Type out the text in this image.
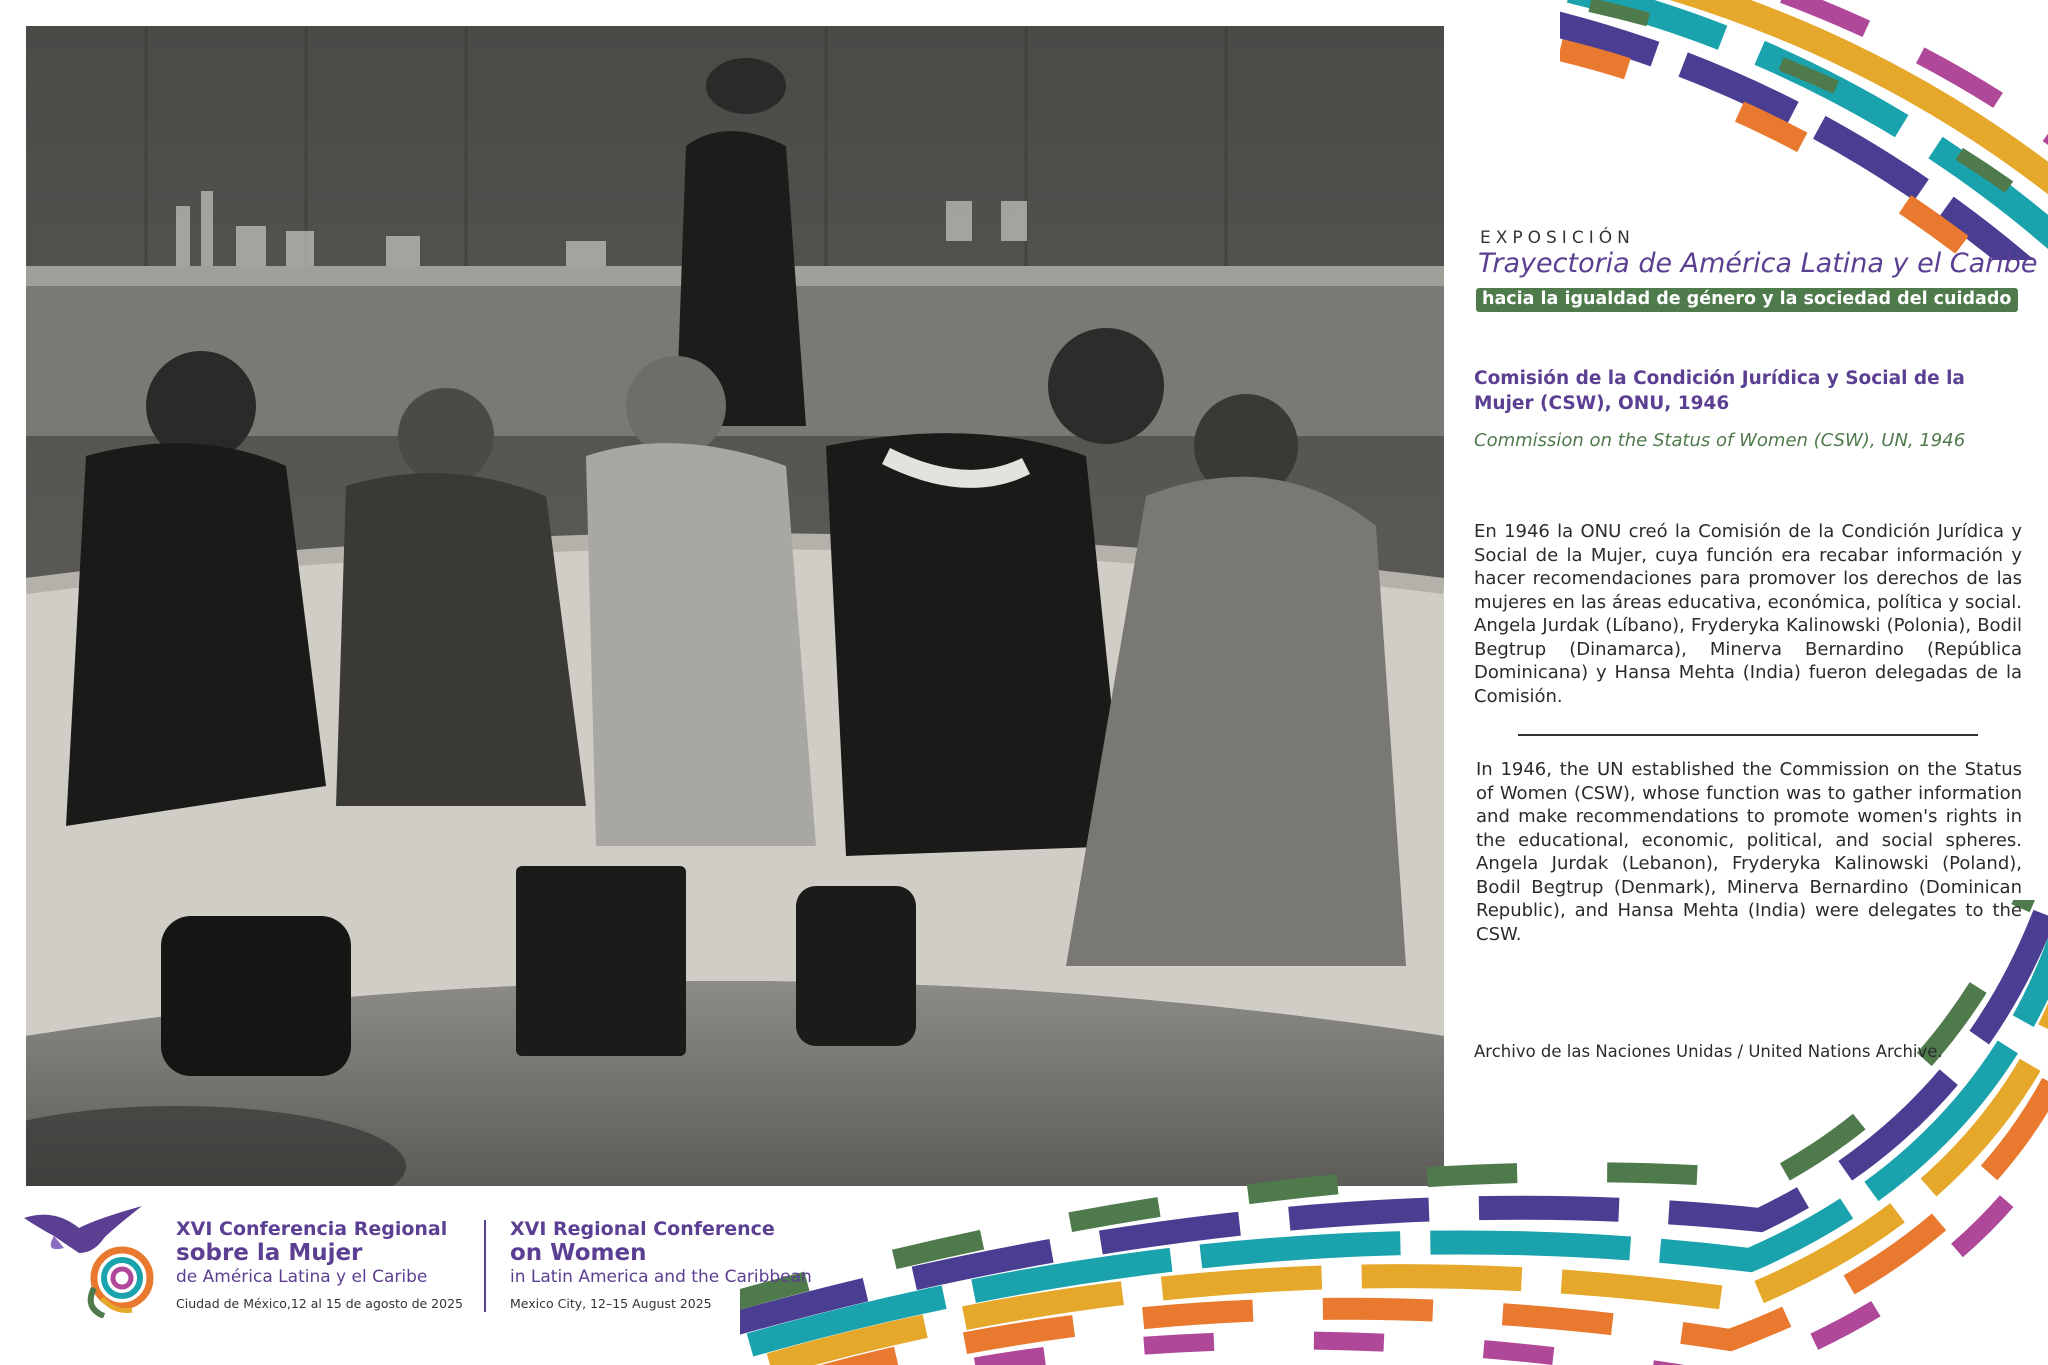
EXPOSICIÓN
Trayectoria de América Latina y el Caribe
hacia la igualdad de género y la sociedad del cuidado
Comisión de la Condición Jurídica y Social de la Mujer (CSW), ONU, 1946
Commission on the Status of Women (CSW), UN, 1946
En 1946 la ONU creó la Comisión de la Condición Jurídica y Social de la Mujer, cuya función era recabar información y hacer recomendaciones para promover los derechos de las mujeres en las áreas educativa, económica, política y social. Angela Jurdak (Líbano), Fryderyka Kalinowski (Polonia), Bodil Begtrup (Dinamarca), Minerva Bernardino (República Dominicana) y Hansa Mehta (India) fueron delegadas de la Comisión.
In 1946, the UN established the Commission on the Status of Women (CSW), whose function was to gather information and make recommendations to promote women's rights in the educational, economic, political, and social spheres. Angela Jurdak (Lebanon), Fryderyka Kalinowski (Poland), Bodil Begtrup (Denmark), Minerva Bernardino (Dominican Republic), and Hansa Mehta (India) were delegates to the CSW.
Archivo de las Naciones Unidas / United Nations Archive.
XVI Conferencia Regional
sobre la Mujer
de América Latina y el Caribe
Ciudad de México,12 al 15 de agosto de 2025
XVI Regional Conference
on Women
in Latin America and the Caribbean
Mexico City, 12–15 August 2025
